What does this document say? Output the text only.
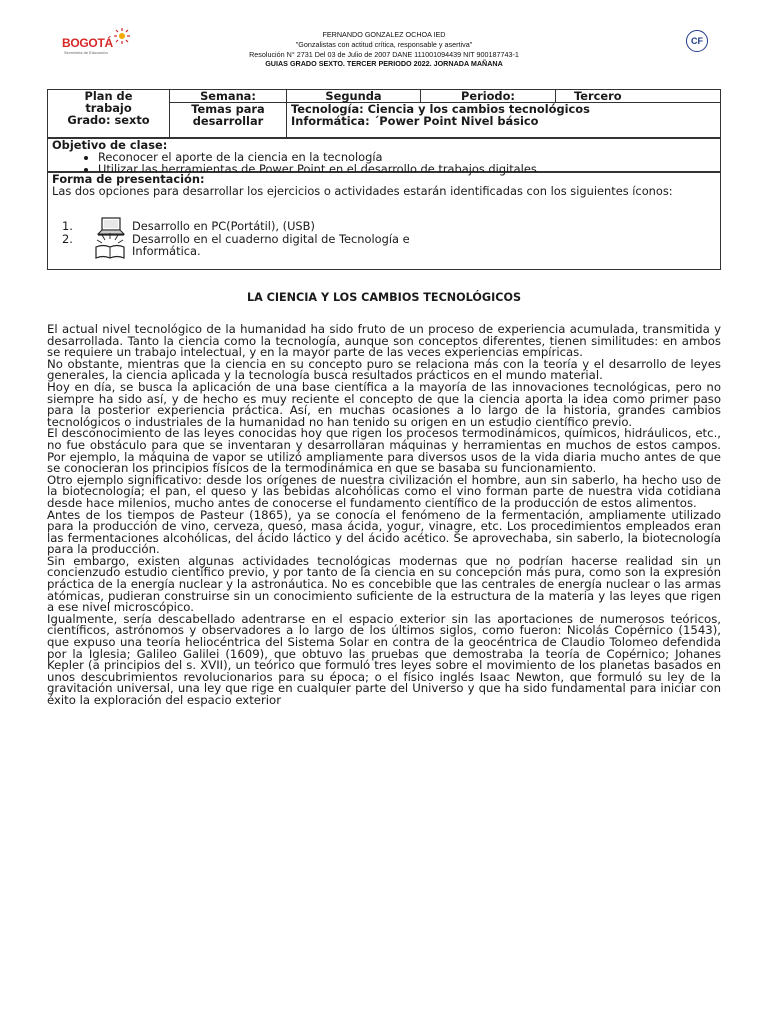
BOGOTÁ
Secretaría de Educación
FERNANDO GONZALEZ OCHOA IED
"Gonzalistas con actitud crítica, responsable y asertiva"
Resolución N° 2731 Del 03 de Julio de 2007 DANE 111001094439 NIT 900187743-1
GUIAS GRADO SEXTO. TERCER PERIODO 2022. JORNADA MAÑANA
CF
Plan de trabajo
Grado: sexto	Semana:	Segunda	Periodo:	Tercero
	Temas para desarrollar	Tecnología: Ciencia y los cambios tecnológicos
Informática: ´Power Point Nivel básico		
Objetivo de clase:
• Reconocer el aporte de la ciencia en la tecnología
• Utilizar las herramientas de Power Point en el desarrollo de trabajos digitales
Forma de presentación:
Las dos opciones para desarrollar los ejercicios o actividades estarán identificadas con los siguientes íconos:
1.	Desarrollo en PC(Portátil), (USB)
2.	Desarrollo en el cuaderno digital de Tecnología e Informática.
LA CIENCIA Y LOS CAMBIOS TECNOLÓGICOS

El actual nivel tecnológico de la humanidad ha sido fruto de un proceso de experiencia acumulada, transmitida y desarrollada. Tanto la ciencia como la tecnología, aunque son conceptos diferentes, tienen similitudes: en ambos se requiere un trabajo intelectual, y en la mayor parte de las veces experiencias empíricas.

No obstante, mientras que la ciencia en su concepto puro se relaciona más con la teoría y el desarrollo de leyes generales, la ciencia aplicada y la tecnología busca resultados prácticos en el mundo material.

Hoy en día, se busca la aplicación de una base científica a la mayoría de las innovaciones tecnológicas, pero no siempre ha sido así, y de hecho es muy reciente el concepto de que la ciencia aporta la idea como primer paso para la posterior experiencia práctica. Así, en muchas ocasiones a lo largo de la historia, grandes cambios tecnológicos o industriales de la humanidad no han tenido su origen en un estudio científico previo.

El desconocimiento de las leyes conocidas hoy que rigen los procesos termodinámicos, químicos, hidráulicos, etc., no fue obstáculo para que se inventaran y desarrollaran máquinas y herramientas en muchos de estos campos. Por ejemplo, la máquina de vapor se utilizó ampliamente para diversos usos de la vida diaria mucho antes de que se conocieran los principios físicos de la termodinámica en que se basaba su funcionamiento.

Otro ejemplo significativo: desde los orígenes de nuestra civilización el hombre, aun sin saberlo, ha hecho uso de la biotecnología; el pan, el queso y las bebidas alcohólicas como el vino forman parte de nuestra vida cotidiana desde hace milenios, mucho antes de conocerse el fundamento científico de la producción de estos alimentos.

Antes de los tiempos de Pasteur (1865), ya se conocía el fenómeno de la fermentación, ampliamente utilizado para la producción de vino, cerveza, queso, masa ácida, yogur, vinagre, etc. Los procedimientos empleados eran las fermentaciones alcohólicas, del ácido láctico y del ácido acético. Se aprovechaba, sin saberlo, la biotecnología para la producción.

Sin embargo, existen algunas actividades tecnológicas modernas que no podrían hacerse realidad sin un concienzudo estudio científico previo, y por tanto de la ciencia en su concepción más pura, como son la expresión práctica de la energía nuclear y la astronáutica. No es concebible que las centrales de energía nuclear o las armas atómicas, pudieran construirse sin un conocimiento suficiente de la estructura de la materia y las leyes que rigen a ese nivel microscópico.

Igualmente, sería descabellado adentrarse en el espacio exterior sin las aportaciones de numerosos teóricos, científicos, astrónomos y observadores a lo largo de los últimos siglos, como fueron: Nicolás Copérnico (1543), que expuso una teoría heliocéntrica del Sistema Solar en contra de la geocéntrica de Claudio Tolomeo defendida por la Iglesia; Galileo Galilei (1609), que obtuvo las pruebas que demostraba la teoría de Copérnico; Johanes Kepler (a principios del s. XVII), un teórico que formuló tres leyes sobre el movimiento de los planetas basados en unos descubrimientos revolucionarios para su época; o el físico inglés Isaac Newton, que formuló su ley de la gravitación universal, una ley que rige en cualquier parte del Universo y que ha sido fundamental para iniciar con éxito la exploración del espacio exterior
